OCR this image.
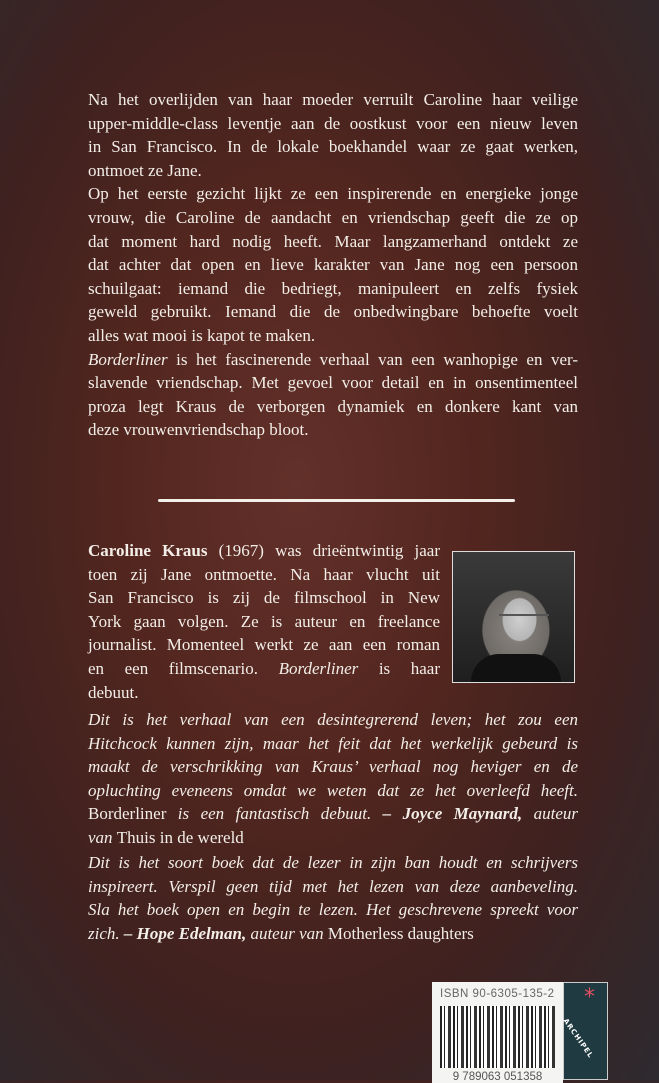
Na het overlijden van haar moeder verruilt Caroline haar veilige
upper-middle-class leventje aan de oostkust voor een nieuw leven
in San Francisco. In de lokale boekhandel waar ze gaat werken,
ontmoet ze Jane.
Op het eerste gezicht lijkt ze een inspirerende en energieke jonge
vrouw, die Caroline de aandacht en vriendschap geeft die ze op
dat moment hard nodig heeft. Maar langzamerhand ontdekt ze
dat achter dat open en lieve karakter van Jane nog een persoon
schuilgaat: iemand die bedriegt, manipuleert en zelfs fysiek
geweld gebruikt. Iemand die de onbedwingbare behoefte voelt
alles wat mooi is kapot te maken.
Borderliner is het fascinerende verhaal van een wanhopige en ver-
slavende vriendschap. Met gevoel voor detail en in onsentimenteel
proza legt Kraus de verborgen dynamiek en donkere kant van
deze vrouwenvriendschap bloot.
Caroline Kraus (1967) was drieëntwintig jaar
toen zij Jane ontmoette. Na haar vlucht uit
San Francisco is zij de filmschool in New
York gaan volgen. Ze is auteur en freelance
journalist. Momenteel werkt ze aan een roman
en een filmscenario. Borderliner is haar
debuut.
Dit is het verhaal van een desintegrerend leven; het zou een
Hitchcock kunnen zijn, maar het feit dat het werkelijk gebeurd is
maakt de verschrikking van Kraus’ verhaal nog heviger en de
opluchting eveneens omdat we weten dat ze het overleefd heeft.
Borderliner is een fantastisch debuut. – Joyce Maynard, auteur
van Thuis in de wereld
Dit is het soort boek dat de lezer in zijn ban houdt en schrijvers
inspireert. Verspil geen tijd met het lezen van deze aanbeveling.
Sla het boek open en begin te lezen. Het geschrevene spreekt voor
zich. – Hope Edelman, auteur van Motherless daughters
ISBN 90-6305-135-2
9 789063 051358
*
ARCHIPEL
